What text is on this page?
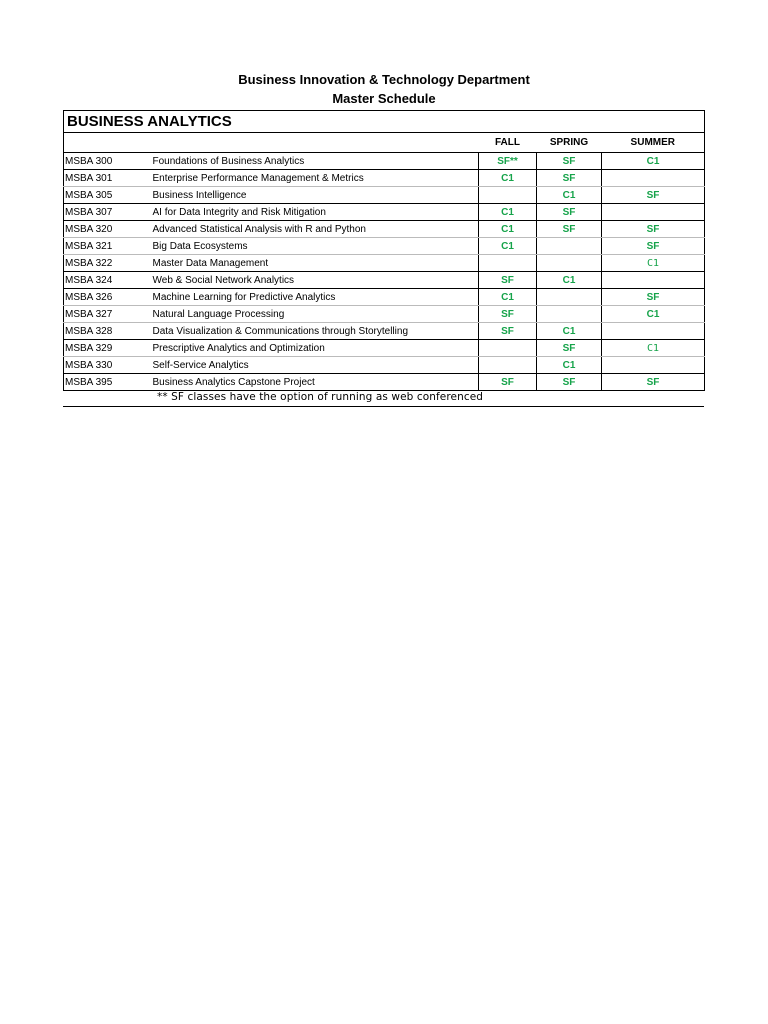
Business Innovation & Technology Department
Master Schedule
BUSINESS ANALYTICS				
		FALL	SPRING	SUMMER
MSBA 300	Foundations of Business Analytics	SF**	SF	C1
MSBA 301	Enterprise Performance Management & Metrics	C1	SF	
MSBA 305	Business Intelligence		C1	SF
MSBA 307	AI for Data Integrity and Risk Mitigation	C1	SF	
MSBA 320	Advanced Statistical Analysis with R and Python	C1	SF	SF
MSBA 321	Big Data Ecosystems	C1		SF
MSBA 322	Master Data Management			C1
MSBA 324	Web & Social Network Analytics	SF	C1	
MSBA 326	Machine Learning for Predictive Analytics	C1		SF
MSBA 327	Natural Language Processing	SF		C1
MSBA 328	Data Visualization & Communications through Storytelling	SF	C1	
MSBA 329	Prescriptive Analytics and Optimization		SF	C1
MSBA 330	Self-Service Analytics		C1	
MSBA 395	Business Analytics Capstone Project	SF	SF	SF
** SF classes have the option of running as web conferenced
